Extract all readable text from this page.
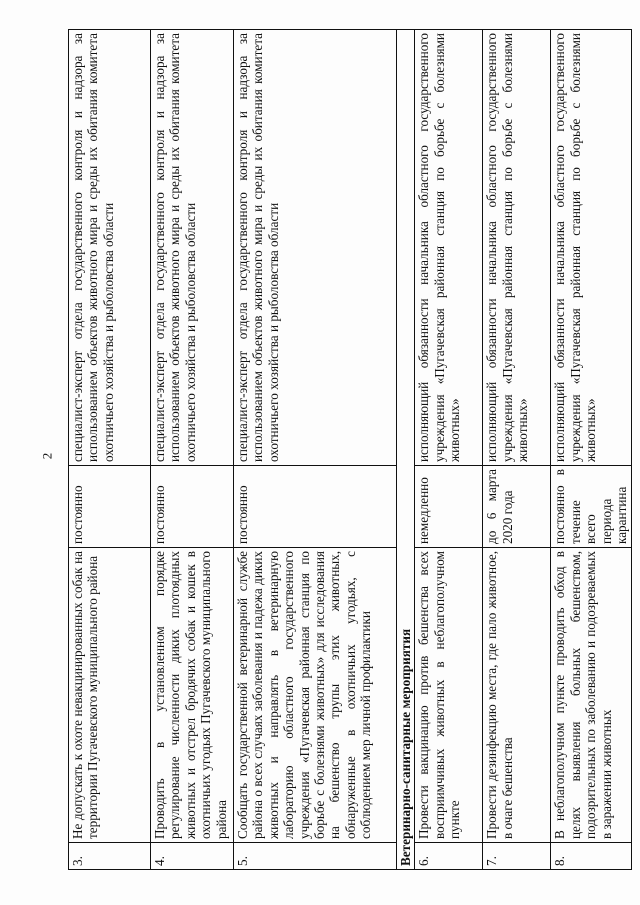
2
3.	Не допускать к охоте невакцинированных собак на территории Пугачевского муниципального района	постоянно	специалист-эксперт отдела государственного контроля и надзора за использованием объектов животного мира и среды их обитания комитета охотничьего хозяйства и рыболовства области
4.	Проводить в установленном порядке регулирование численности диких плотоядных животных и отстрел бродячих собак и кошек в охотничьих угодьях Пугачевского муниципального района	постоянно	специалист-эксперт отдела государственного контроля и надзора за использованием объектов животного мира и среды их обитания комитета охотничьего хозяйства и рыболовства области
5.	Сообщать государственной ветеринарной службе района о всех случаях заболевания и падежа диких животных и направлять в ветеринарную лабораторию областного государственного учреждения «Пугачевская районная станция по борьбе с болезнями животных» для исследования на бешенство трупы этих животных, обнаруженные в охотничьих угодьях, с соблюдением мер личной профилактики	постоянно	специалист-эксперт отдела государственного контроля и надзора за использованием объектов животного мира и среды их обитания комитета охотничьего хозяйства и рыболовства области
Ветеринарно-санитарные мероприятия			
6.	Провести вакцинацию против бешенства всех восприимчивых животных в неблагополучном пункте	немедленно	исполняющий обязанности начальника областного государственного учреждения «Пугачевская районная станция по борьбе с болезнями животных»
7.	Провести дезинфекцию места, где пало животное, в очаге бешенства	до 6 марта 2020 года	исполняющий обязанности начальника областного государственного учреждения «Пугачевская районная станция по борьбе с болезнями животных»
8.	В неблагополучном пункте проводить обход в целях выявления больных бешенством, подозрительных по заболеванию и подозреваемых в заражении животных	постоянно в течение всего периода карантина	исполняющий обязанности начальника областного государственного учреждения «Пугачевская районная станция по борьбе с болезнями животных»
